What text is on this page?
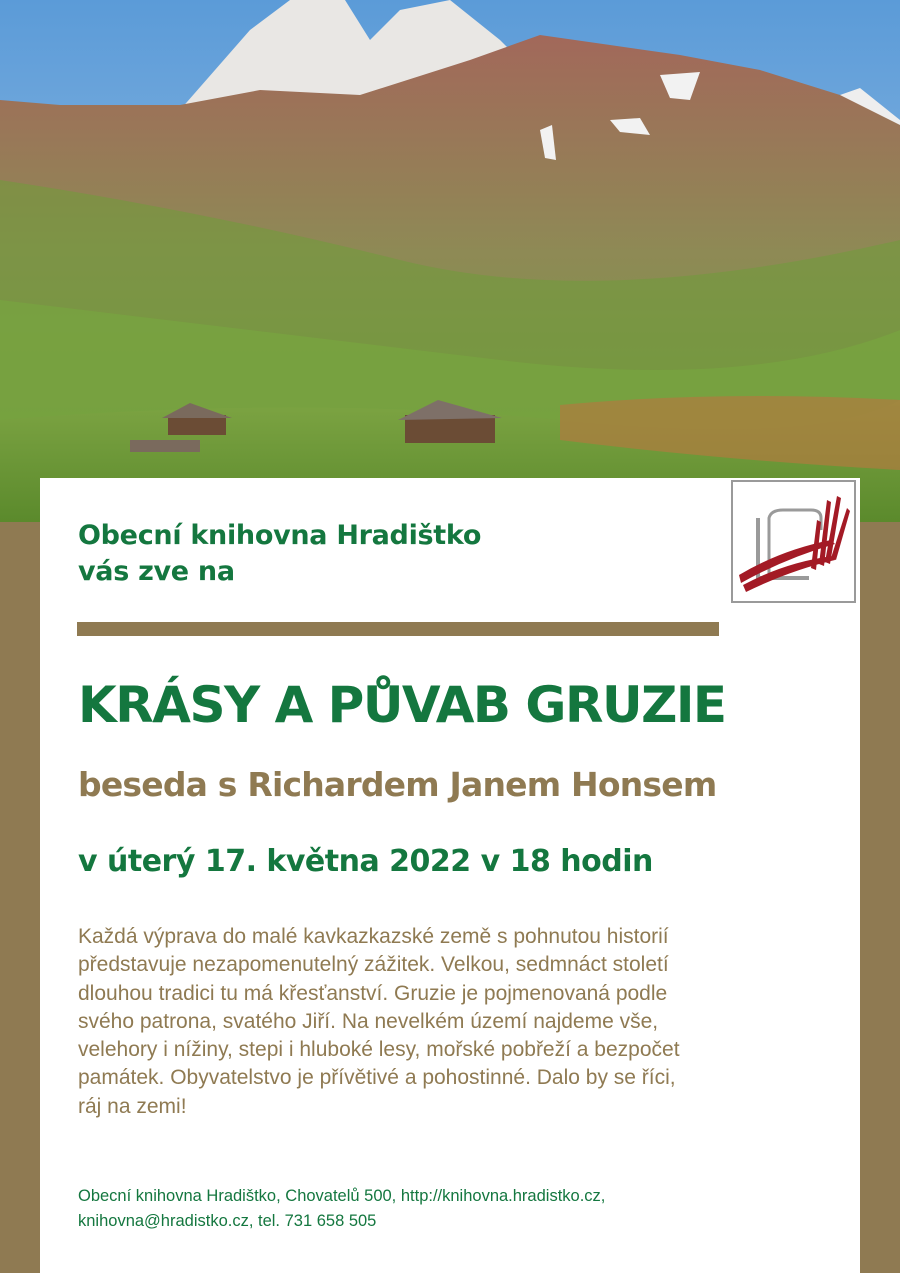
Obecní knihovna Hradištko
vás zve na
KRÁSY A PŮVAB GRUZIE
beseda s Richardem Janem Honsem
v úterý 17. května 2022 v 18 hodin
Každá výprava do malé kavkazkazské země s pohnutou historií
představuje nezapomenutelný zážitek. Velkou, sedmnáct století
dlouhou tradici tu má křesťanství. Gruzie je pojmenovaná podle
svého patrona, svatého Jiří. Na nevelkém území najdeme vše,
velehory i nížiny, stepi i hluboké lesy, mořské pobřeží a bezpočet
památek. Obyvatelstvo je přívětivé a pohostinné. Dalo by se říci,
ráj na zemi!
Obecní knihovna Hradištko, Chovatelů 500, http://knihovna.hradistko.cz,
knihovna@hradistko.cz, tel. 731 658 505
